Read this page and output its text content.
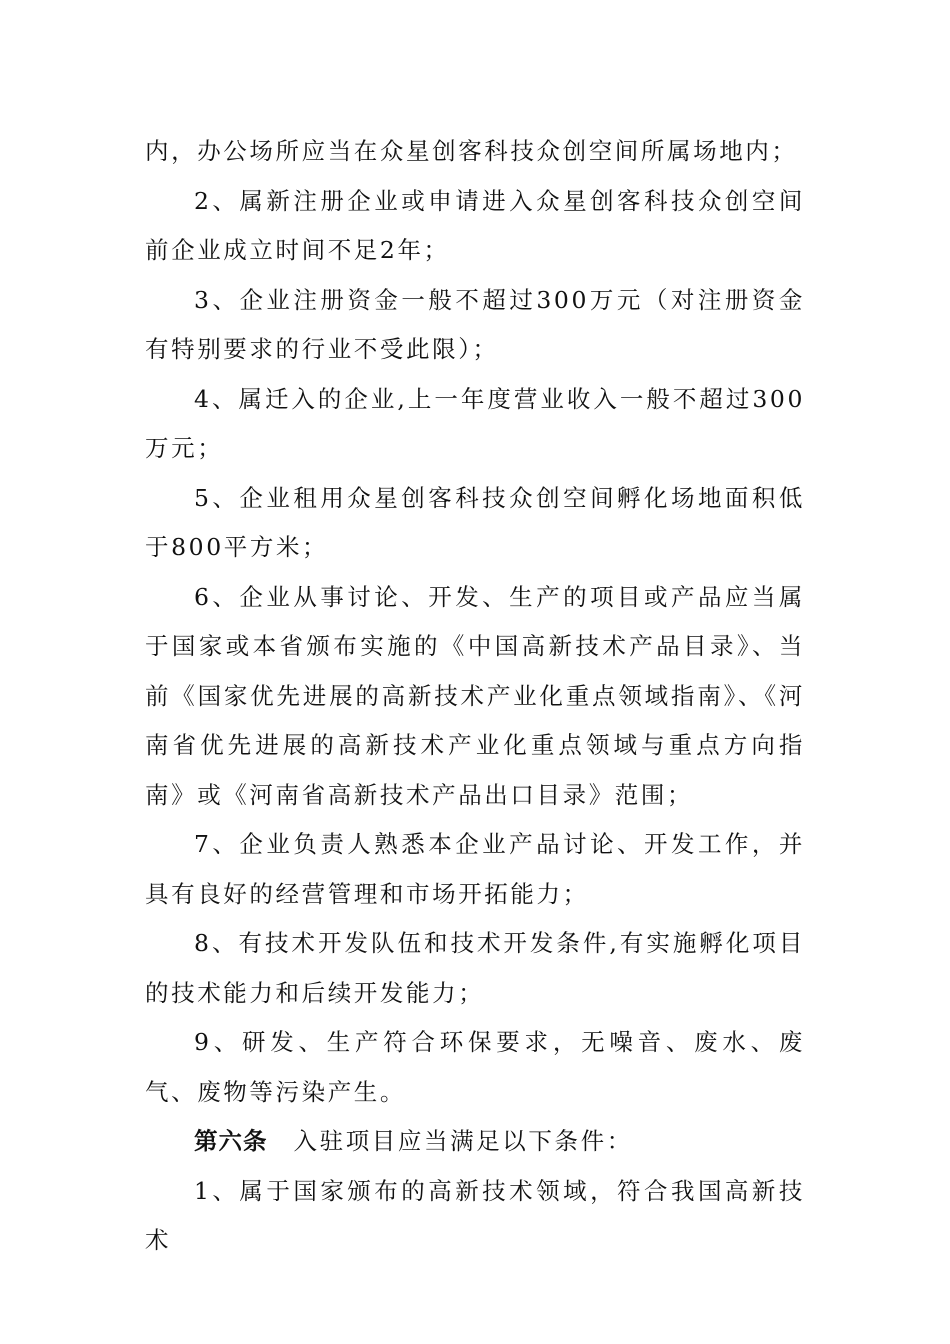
内，办公场所应当在众星创客科技众创空间所属场地内；

2、属新注册企业或申请进入众星创客科技众创空间前企业成立时间不足2年；

3、企业注册资金一般不超过300万元（对注册资金有特别要求的行业不受此限）；

4、属迁入的企业,上一年度营业收入一般不超过300万元；

5、企业租用众星创客科技众创空间孵化场地面积低于800平方米；

6、企业从事讨论、开发、生产的项目或产品应当属于国家或本省颁布实施的《中国高新技术产品目录》、当前《国家优先进展的高新技术产业化重点领域指南》、《河南省优先进展的高新技术产业化重点领域与重点方向指南》或《河南省高新技术产品出口目录》范围；

7、企业负责人熟悉本企业产品讨论、开发工作，并具有良好的经营管理和市场开拓能力；

8、有技术开发队伍和技术开发条件,有实施孵化项目的技术能力和后续开发能力；

9、研发、生产符合环保要求，无噪音、废水、废气、废物等污染产生。

第六条 入驻项目应当满足以下条件：

1、属于国家颁布的高新技术领域，符合我国高新技术
